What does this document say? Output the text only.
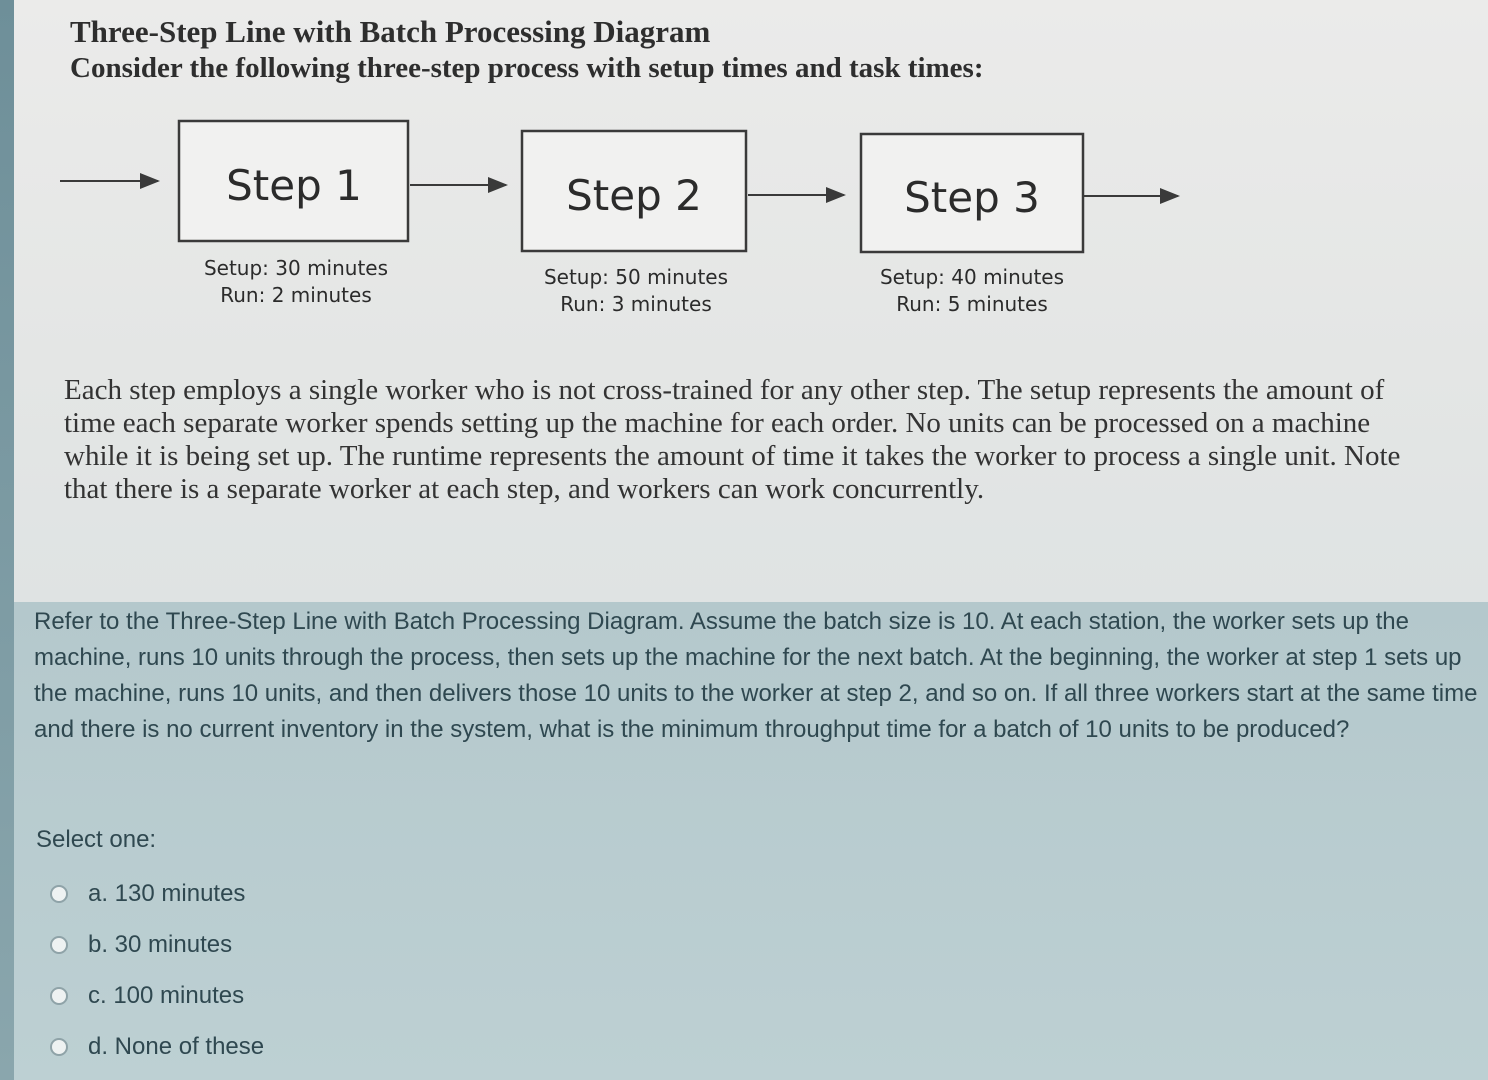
Three-Step Line with Batch Processing Diagram
Consider the following three-step process with setup times and task times:
Step 1
Setup: 30 minutes
Run: 2 minutes
Step 2
Setup: 50 minutes
Run: 3 minutes
Step 3
Setup: 40 minutes
Run: 5 minutes

Each step employs a single worker who is not cross-trained for any other step. The setup represents the amount of time each separate worker spends setting up the machine for each order. No units can be processed on a machine while it is being set up. The runtime represents the amount of time it takes the worker to process a single unit. Note that there is a separate worker at each step, and workers can work concurrently.

Refer to the Three-Step Line with Batch Processing Diagram. Assume the batch size is 10. At each station, the worker sets up the machine, runs 10 units through the process, then sets up the machine for the next batch. At the beginning, the worker at step 1 sets up the machine, runs 10 units, and then delivers those 10 units to the worker at step 2, and so on. If all three workers start at the same time and there is no current inventory in the system, what is the minimum throughput time for a batch of 10 units to be produced?

Select one:
a. 130 minutes
b. 30 minutes
c. 100 minutes
d. None of these
